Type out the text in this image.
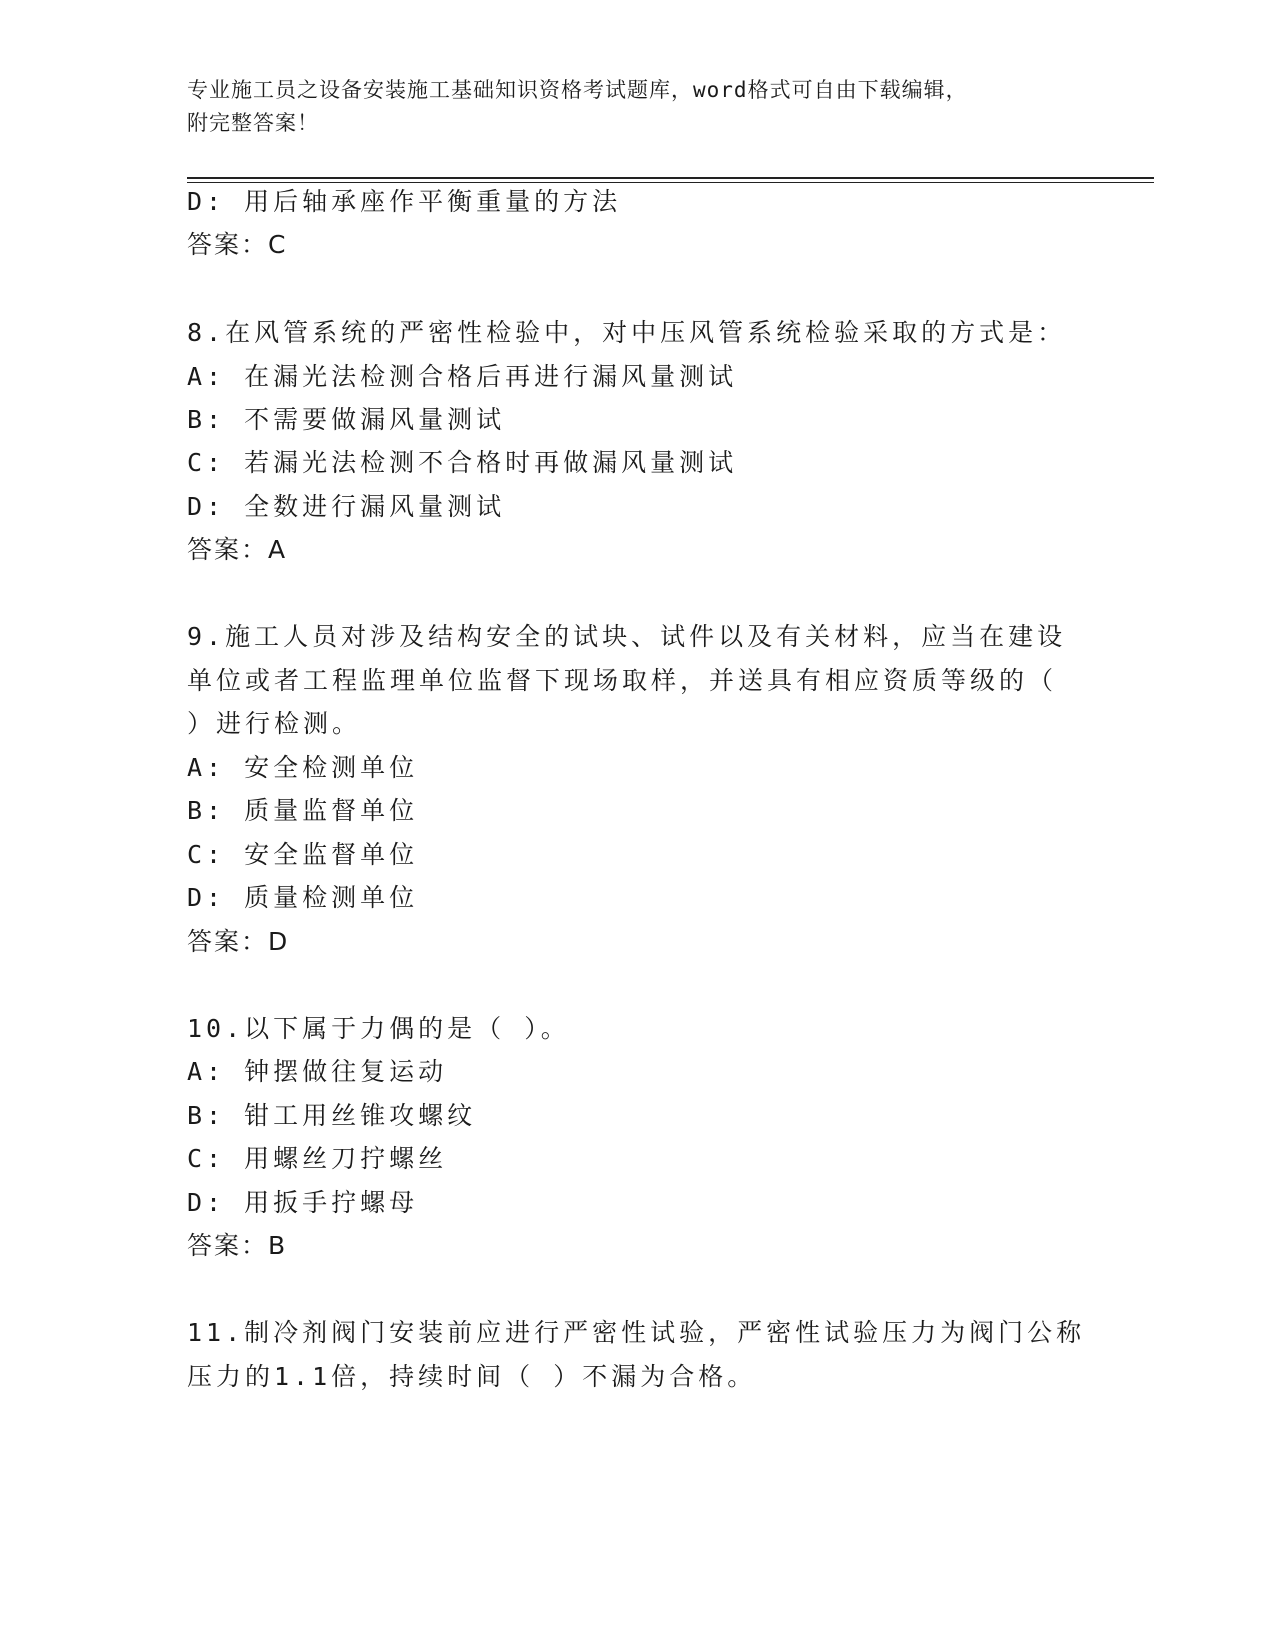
专业施工员之设备安装施工基础知识资格考试题库，word格式可自由下载编辑，
附完整答案！
D: 用后轴承座作平衡重量的方法
答案：C
8.在风管系统的严密性检验中，对中压风管系统检验采取的方式是：
A: 在漏光法检测合格后再进行漏风量测试
B: 不需要做漏风量测试
C: 若漏光法检测不合格时再做漏风量测试
D: 全数进行漏风量测试
答案：A
9.施工人员对涉及结构安全的试块、试件以及有关材料，应当在建设
单位或者工程监理单位监督下现场取样，并送具有相应资质等级的（
）进行检测。
A: 安全检测单位
B: 质量监督单位
C: 安全监督单位
D: 质量检测单位
答案：D
10.以下属于力偶的是（ ）。
A: 钟摆做往复运动
B: 钳工用丝锥攻螺纹
C: 用螺丝刀拧螺丝
D: 用扳手拧螺母
答案：B
11.制冷剂阀门安装前应进行严密性试验，严密性试验压力为阀门公称
压力的1.1倍，持续时间（ ）不漏为合格。
